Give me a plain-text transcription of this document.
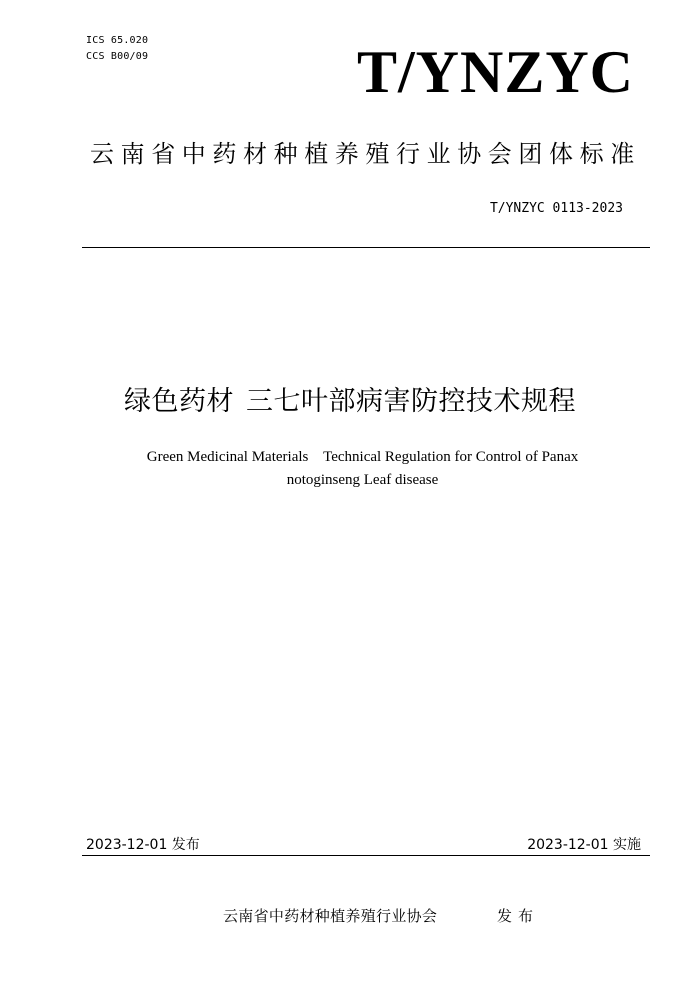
ICS 65.020
CCS B00/09	T/YNZYC
云南省中药材种植养殖行业协会团体标准
T/YNZYC 0113-2023
绿色药材 三七叶部病害防控技术规程
Green Medicinal Materials    Technical Regulation for Control of Panax
notoginseng Leaf disease
2023-12-01 发布	2023-12-01 实施
云南省中药材种植养殖行业协会	发布
